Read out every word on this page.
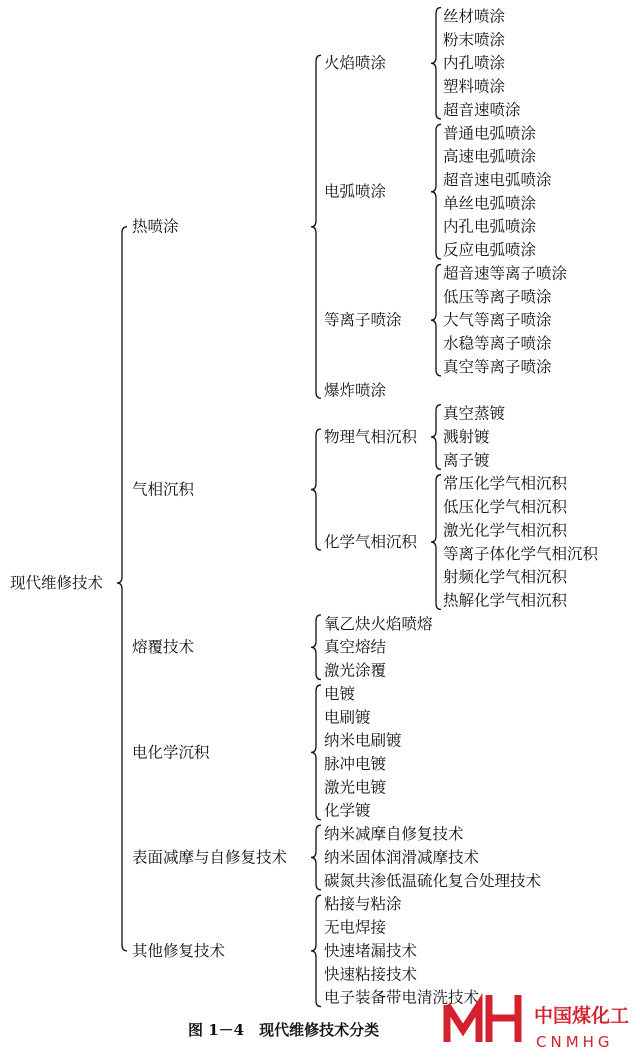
丝材喷涂
粉末喷涂
内孔喷涂
塑料喷涂
超音速喷涂
火焰喷涂
普通电弧喷涂
高速电弧喷涂
超音速电弧喷涂
单丝电弧喷涂
内孔电弧喷涂
反应电弧喷涂
电弧喷涂
超音速等离子喷涂
低压等离子喷涂
大气等离子喷涂
水稳等离子喷涂
真空等离子喷涂
等离子喷涂
爆炸喷涂
热喷涂
真空蒸镀
溅射镀
离子镀
物理气相沉积
常压化学气相沉积
低压化学气相沉积
激光化学气相沉积
等离子体化学气相沉积
射频化学气相沉积
热解化学气相沉积
化学气相沉积
气相沉积
氧乙炔火焰喷熔
真空熔结
激光涂覆
熔覆技术
电镀
电刷镀
纳米电刷镀
脉冲电镀
激光电镀
化学镀
电化学沉积
纳米减摩自修复技术
纳米固体润滑减摩技术
碳氮共渗低温硫化复合处理技术
表面减摩与自修复技术
粘接与粘涂
无电焊接
快速堵漏技术
快速粘接技术
电子装备带电清洗技术
其他修复技术
现代维修技术
图 1－4　现代维修技术分类
中国煤化工
CNMHG
